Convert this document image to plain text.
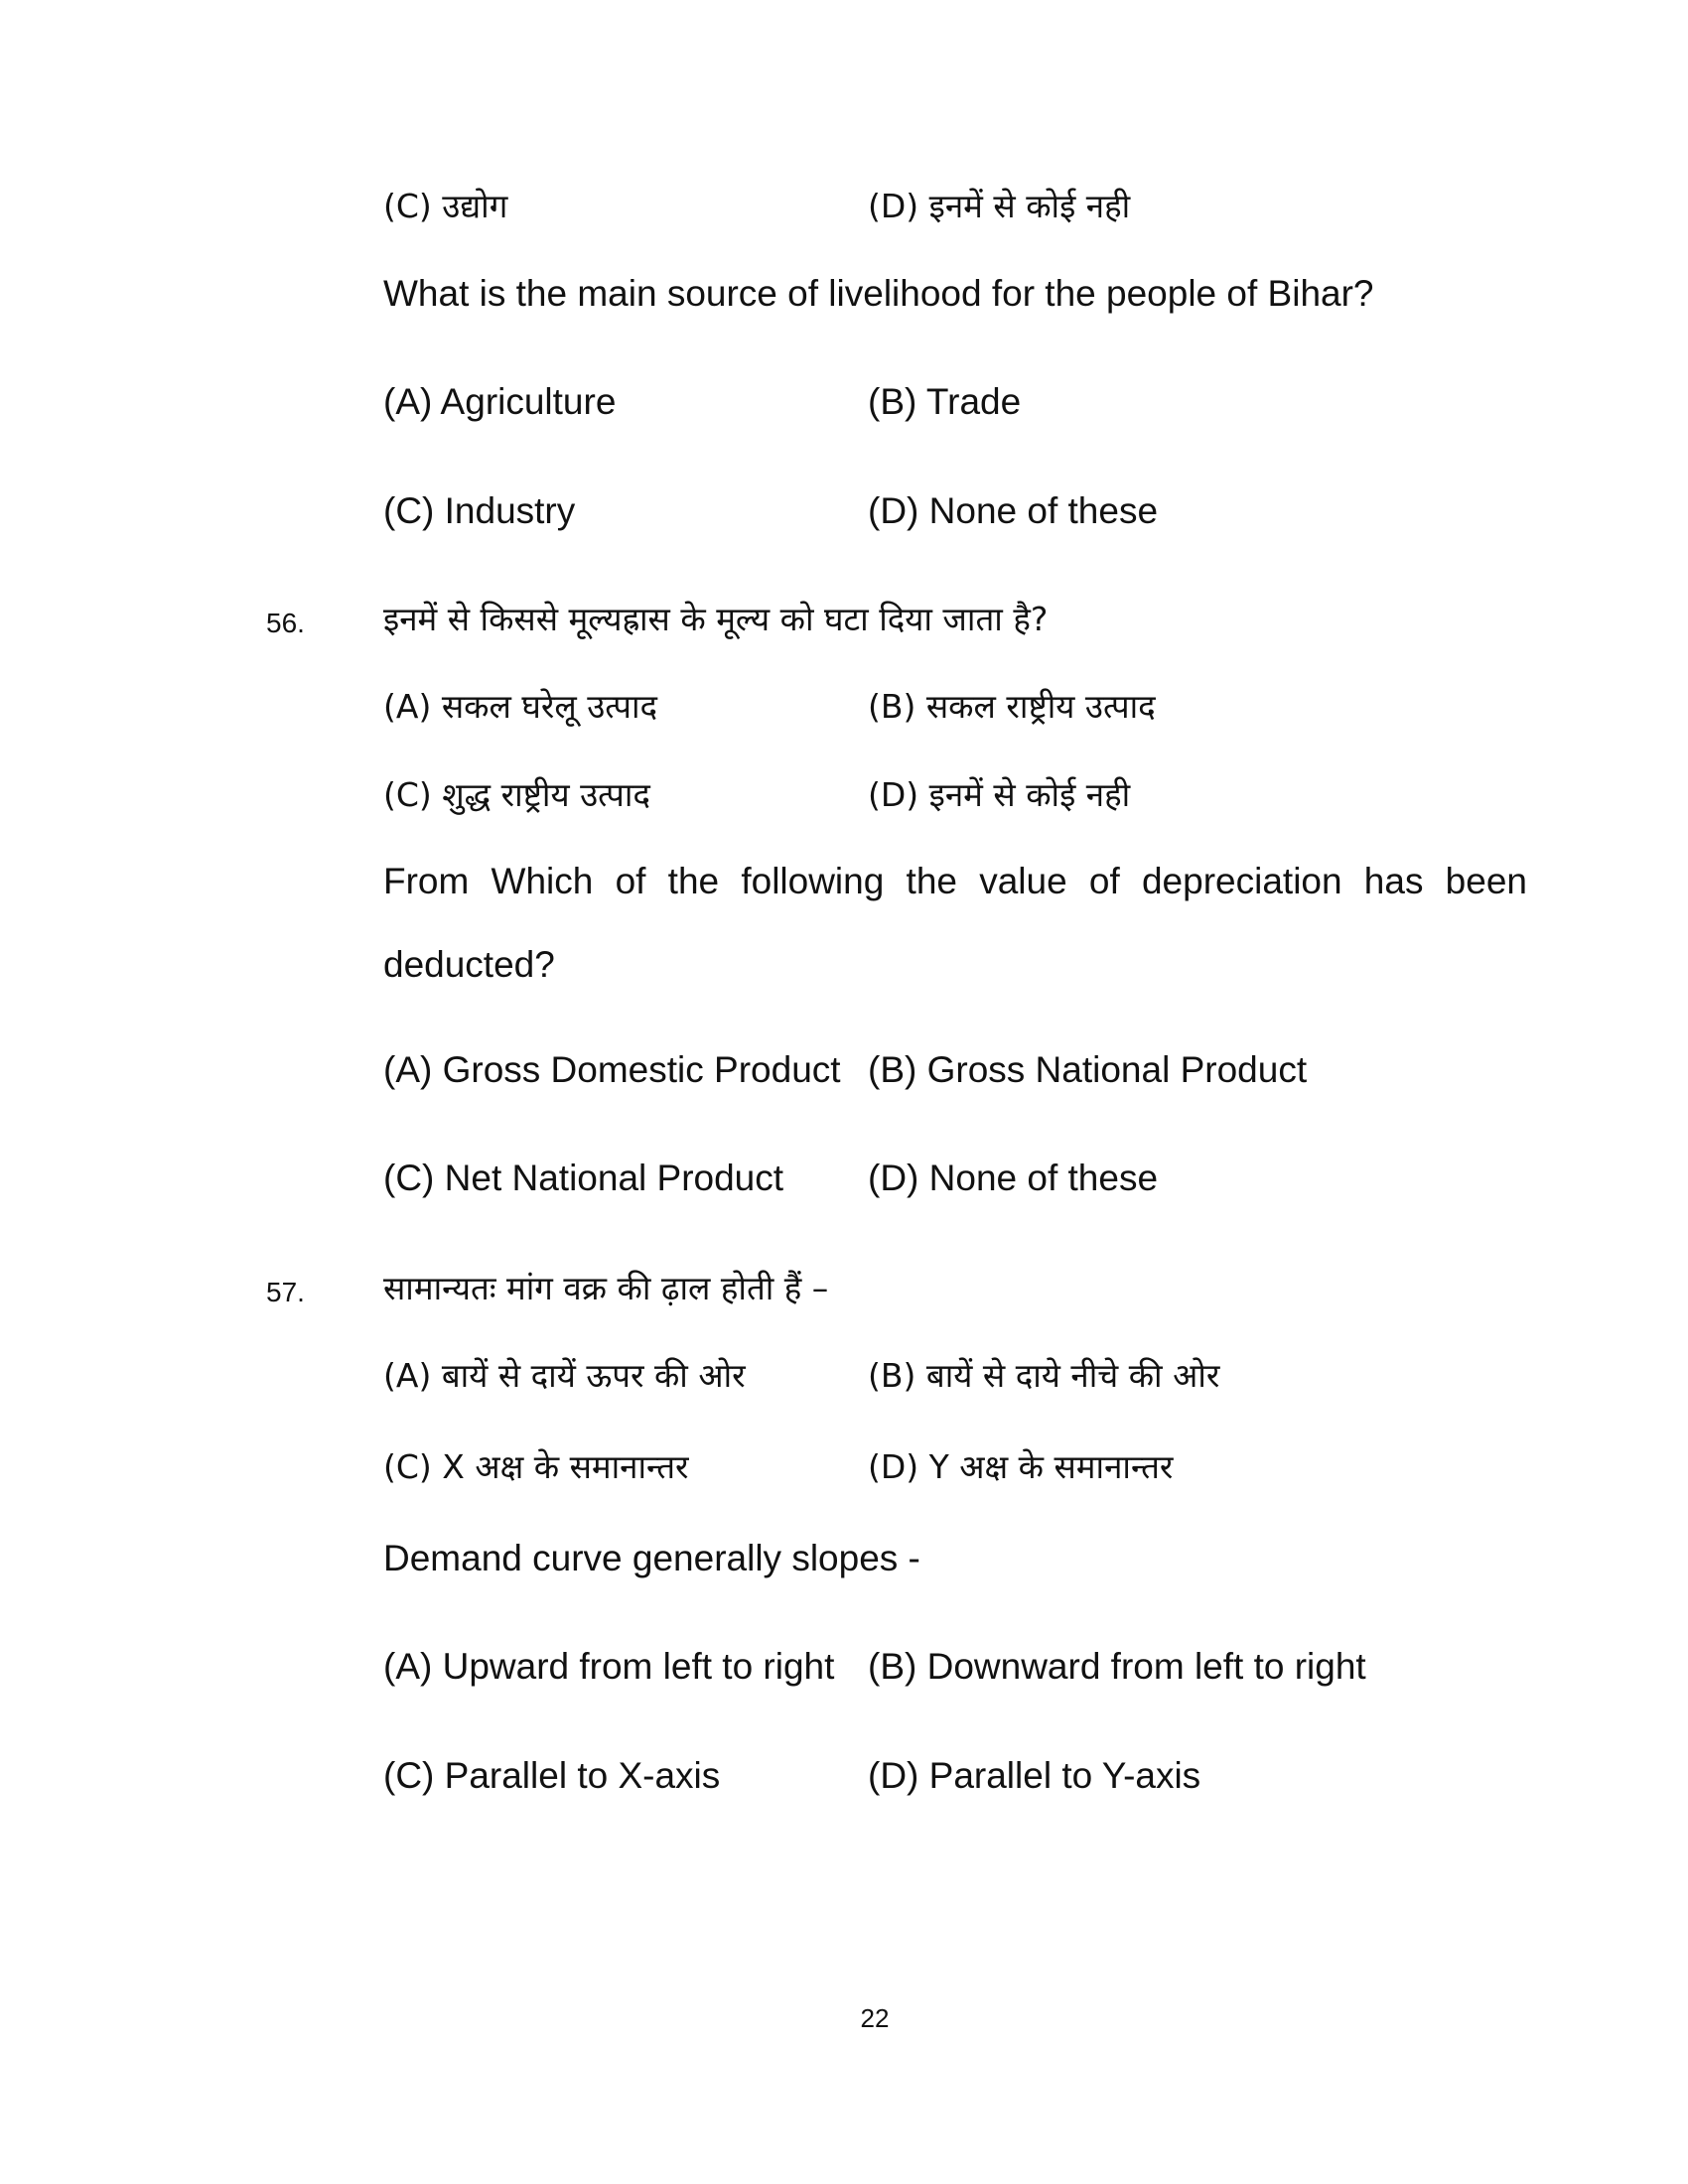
(C) उद्योग	(D) इनमें से कोई नही
What is the main source of livelihood for the people of Bihar?
(A) Agriculture	(B) Trade
(C) Industry	(D) None of these
56. इनमें से किससे मूल्यह्रास के मूल्य को घटा दिया जाता है?
(A) सकल घरेलू उत्पाद	(B) सकल राष्ट्रीय उत्पाद
(C) शुद्ध राष्ट्रीय उत्पाद	(D) इनमें से कोई नही
From Which of the following the value of depreciation has been deducted?
(A) Gross Domestic Product (B) Gross National Product
(C) Net National Product (D) None of these
57. सामान्यतः मांग वक्र की ढ़ाल होती हैं –
(A) बायें से दायें ऊपर की ओर	(B) बायें से दाये नीचे की ओर
(C) X अक्ष के समानान्तर	(D) Y अक्ष के समानान्तर
Demand curve generally slopes -
(A) Upward from left to right (B) Downward from left to right
(C) Parallel to X-axis	(D) Parallel to Y-axis
22
